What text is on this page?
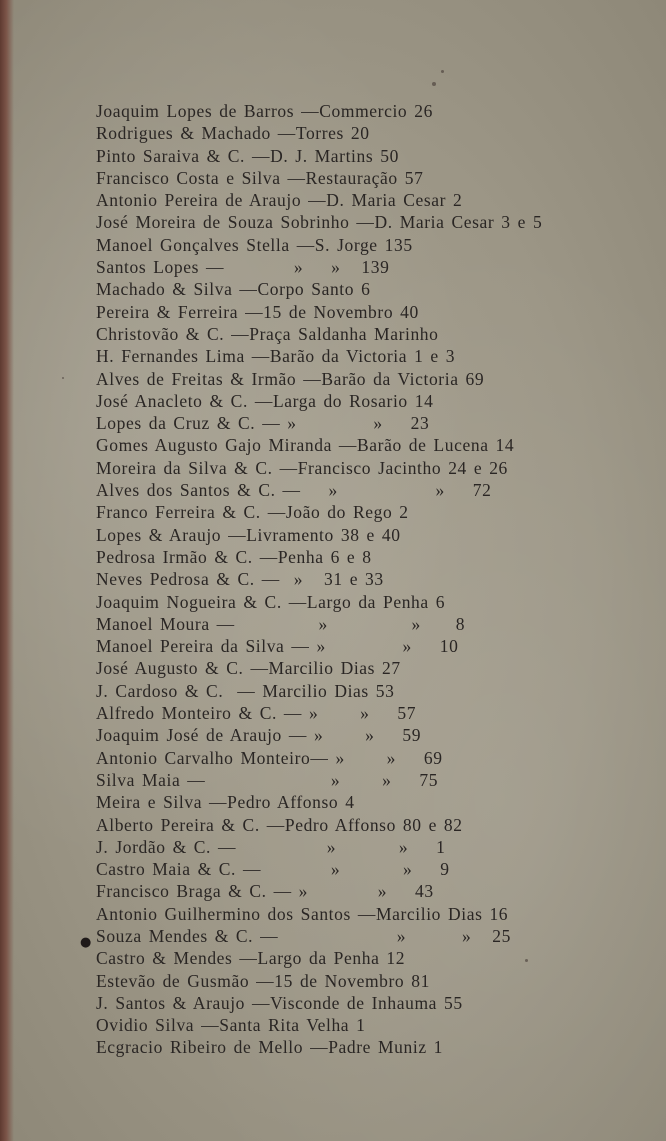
●
Joaquim Lopes de Barros —Commercio 26
Rodrigues & Machado —Torres 20
Pinto Saraiva & C. —D. J. Martins 50
Francisco Costa e Silva —Restauração 57
Antonio Pereira de Araujo —D. Maria Cesar 2
José Moreira de Souza Sobrinho —D. Maria Cesar 3 e 5
Manoel Gonçalves Stella —S. Jorge 135
Santos Lopes —          »    »   139
Machado & Silva —Corpo Santo 6
Pereira & Ferreira —15 de Novembro 40
Christovão & C. —Praça Saldanha Marinho
H. Fernandes Lima —Barão da Victoria 1 e 3
Alves de Freitas & Irmão —Barão da Victoria 69
José Anacleto & C. —Larga do Rosario 14
Lopes da Cruz & C. — »           »    23
Gomes Augusto Gajo Miranda —Barão de Lucena 14
Moreira da Silva & C. —Francisco Jacintho 24 e 26
Alves dos Santos & C. —    »              »    72
Franco Ferreira & C. —João do Rego 2
Lopes & Araujo —Livramento 38 e 40
Pedrosa Irmão & C. —Penha 6 e 8
Neves Pedrosa & C. —  »   31 e 33
Joaquim Nogueira & C. —Largo da Penha 6
Manoel Moura —            »            »     8
Manoel Pereira da Silva — »           »    10
José Augusto & C. —Marcilio Dias 27
J. Cardoso & C.  — Marcilio Dias 53
Alfredo Monteiro & C. — »      »    57
Joaquim José de Araujo — »      »    59
Antonio Carvalho Monteiro— »      »    69
Silva Maia —                  »      »    75
Meira e Silva —Pedro Affonso 4
Alberto Pereira & C. —Pedro Affonso 80 e 82
J. Jordão & C. —             »         »    1
Castro Maia & C. —          »         »    9
Francisco Braga & C. — »          »    43
Antonio Guilhermino dos Santos —Marcilio Dias 16
Souza Mendes & C. —                 »        »   25
Castro & Mendes —Largo da Penha 12
Estevão de Gusmão —15 de Novembro 81
J. Santos & Araujo —Visconde de Inhauma 55
Ovidio Silva —Santa Rita Velha 1
Ecgracio Ribeiro de Mello —Padre Muniz 1
